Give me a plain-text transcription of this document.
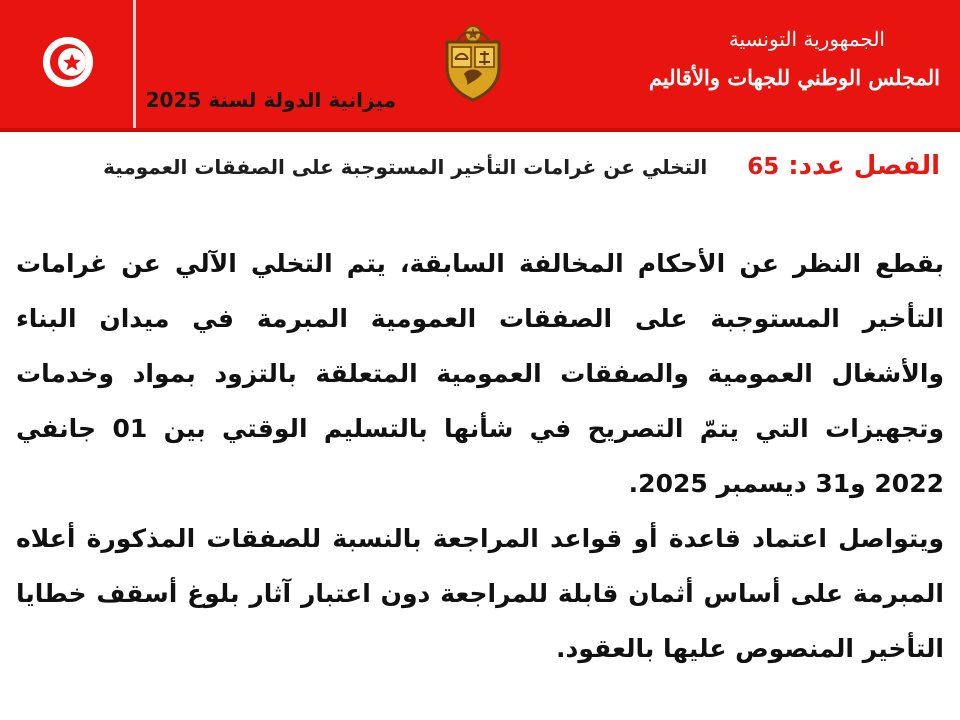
ميزانية الدولة لسنة 2025
الجمهورية التونسية
المجلس الوطني للجهات والأقاليم
الفصل عدد:65التخلي عن غرامات التأخير المستوجبة على الصفقات العمومية

بقطع النظر عن الأحكام المخالفة السابقة، يتم التخلي الآلي عن غرامات التأخير المستوجبة على الصفقات العمومية المبرمة في ميدان البناء والأشغال العمومية والصفقات العمومية المتعلقة بالتزود بمواد وخدمات وتجهيزات التي يتمّ التصريح في شأنها بالتسليم الوقتي بين 01 جانفي 2022 و31 ديسمبر 2025.

ويتواصل اعتماد قاعدة أو قواعد المراجعة بالنسبة للصفقات المذكورة أعلاه المبرمة على أساس أثمان قابلة للمراجعة دون اعتبار آثار بلوغ أسقف خطايا التأخير المنصوص عليها بالعقود.
